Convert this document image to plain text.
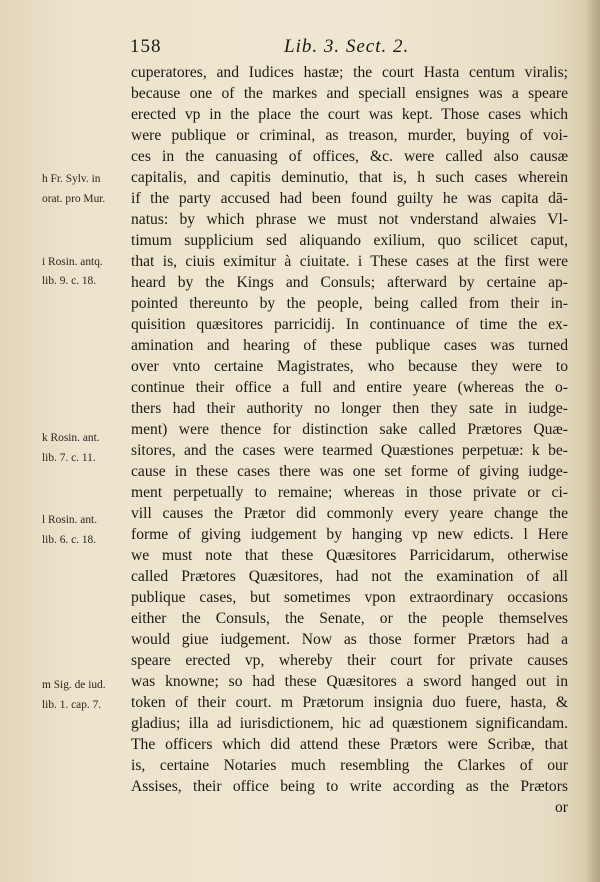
158	Lib. 3. Sect. 2.
h Fr. Sylv. in
orat. pro Mur.
i Rosin. antq.
lib. 9. c. 18.
k Rosin. ant.
lib. 7. c. 11.
l Rosin. ant.
lib. 6. c. 18.
m Sig. de iud.
lib. 1. cap. 7.
cuperatores, and Iudices hastæ; the court Hasta centum viralis;
because one of the markes and speciall ensignes was a speare
erected vp in the place the court was kept. Those cases which
were publique or criminal, as treason, murder, buying of voi-
ces in the canuasing of offices, &c. were called also causæ
capitalis, and capitis deminutio, that is, h such cases wherein
if the party accused had been found guilty he was capita dā-
natus: by which phrase we must not vnderstand alwaies Vl-
timum supplicium sed aliquando exilium, quo scilicet caput,
that is, ciuis eximitur à ciuitate. i These cases at the first were
heard by the Kings and Consuls; afterward by certaine ap-
pointed thereunto by the people, being called from their in-
quisition quæsitores parricidij. In continuance of time the ex-
amination and hearing of these publique cases was turned
over vnto certaine Magistrates, who because they were to
continue their office a full and entire yeare (whereas the o-
thers had their authority no longer then they sate in iudge-
ment) were thence for distinction sake called Prætores Quæ-
sitores, and the cases were tearmed Quæstiones perpetuæ: k be-
cause in these cases there was one set forme of giving iudge-
ment perpetually to remaine; whereas in those private or ci-
vill causes the Prætor did commonly every yeare change the
forme of giving iudgement by hanging vp new edicts. l Here
we must note that these Quæsitores Parricidarum, otherwise
called Prætores Quæsitores, had not the examination of all
publique cases, but sometimes vpon extraordinary occasions
either the Consuls, the Senate, or the people themselves
would giue iudgement. Now as those former Prætors had a
speare erected vp, whereby their court for private causes
was knowne; so had these Quæsitores a sword hanged out in
token of their court. m Prætorum insignia duo fuere, hasta, &
gladius; illa ad iurisdictionem, hic ad quæstionem significandam.
The officers which did attend these Prætors were Scribæ, that
is, certaine Notaries much resembling the Clarkes of our
Assises, their office being to write according as the Prætors
or
